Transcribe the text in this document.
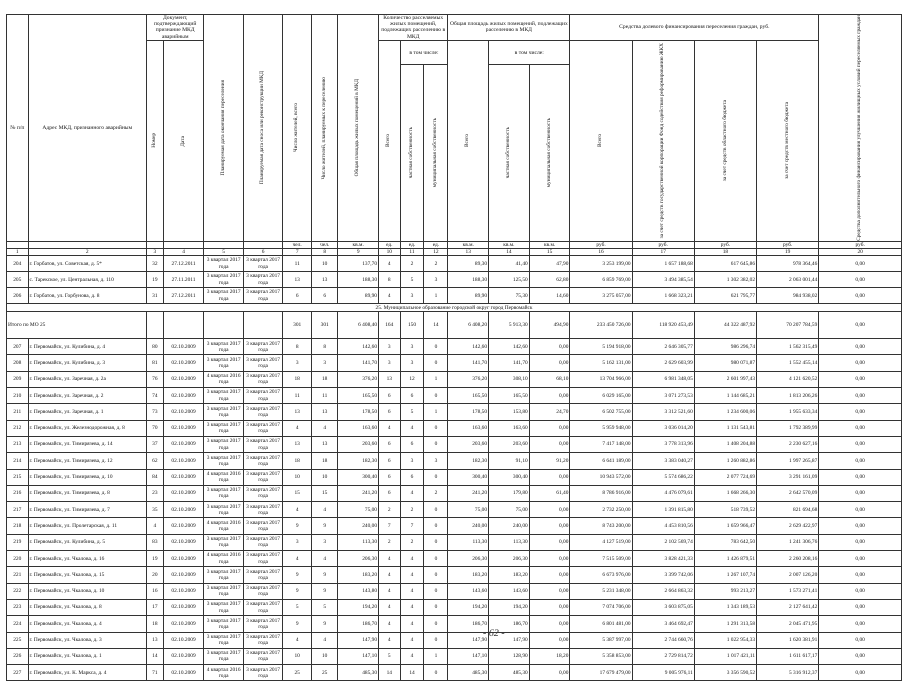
№ п/п	Адрес МКД, признанного аварийным	Документ, подтверждающий признание МКД аварийным		Планируемая дата окончания переселения	Планируемая дата сноса или реконструкции МКД	Число жителей, всего	Число жителей, планируемых к переселению	Общая площадь жилых помещений в МКД	Количество расселяемых жилых помещений, подлежащих расселению в МКД			Общая площадь жилых помещений, подлежащих расселению в МКД			Средства долевого финансирования переселения граждан, руб.				Средства дополнительного финансирования улучшения жилищных условий переселяемых граждан

		Номер	Дата						Всего	в том числе:		Всего	в том числе:		Всего	за счет средств государственной корпорации Фонд содействия реформированию ЖКХ	за счет средств областного бюджета	за счет средств местного бюджета	

										частная собственность	муниципальная собственность		частная собственность	муниципальная собственность					

						чел.	чел.	кв.м.	ед.	ед.	ед.	кв.м.	кв.м.	кв.м.	руб.	руб.	руб.	руб.	руб.
1	2	3	4	5	6	7	8	9	10	11	12	13	14	15	16	17	18	19	20
204	г. Горбатов, ул. Советская, д. 5*	32	27.12.2011	3 квартал 2017 года	3 квартал 2017 года	11	10	137,70	4	2	2	89,30	41,40	47,90	3 253 199,00	1 657 188,68	617 645,86	978 364,46	0,00
205	с. Тарекское, ул. Центральная, д. 110	19	27.11.2011	3 квартал 2017 года	3 квартал 2017 года	13	13	188,30	8	5	3	188,30	125,50	62,80	6 859 769,00	3 494 385,54	1 302 382,02	2 063 001,44	0,00
206	г. Горбатов, ул. Горбунова, д. 8	31	27.12.2011	3 квартал 2017 года	3 квартал 2017 года	6	6	89,90	4	3	1	89,90	75,30	14,60	3 275 057,00	1 668 323,21	621 795,77	984 938,02	0,00
25. Муниципальное образование городской округ город Первомайск																			
Итого по МО 25						301	301	6 408,40	164	150	14	6 408,20	5 913,30	494,90	233 450 726,00	118 920 453,49	44 322 487,92	70 207 784,59	0,00
207	г. Первомайск, ул. Кулибина, д. 4	80	02.10.2009	3 квартал 2017 года	3 квартал 2017 года	8	8	142,60	3	3	0	142,60	142,60	0,00	5 194 918,00	2 646 305,77	986 296,74	1 562 315,49	0,00
208	г. Первомайск, ул. Кулибина, д. 3	81	02.10.2009	3 квартал 2017 года	3 квартал 2017 года	3	3	141,70	3	3	0	141,70	141,70	0,00	5 162 131,00	2 629 603,99	980 071,87	1 552 455,14	0,00
209	г. Первомайск, ул. Заречная, д. 2а	76	02.10.2009	4 квартал 2016 года	3 квартал 2017 года	18	18	376,20	13	12	1	376,20	308,10	68,10	13 704 966,00	6 981 348,05	2 601 997,43	4 121 620,52	0,00
210	г. Первомайск, ул. Заречная, д. 2	74	02.10.2009	3 квартал 2017 года	3 квартал 2017 года	11	11	165,50	6	6	0	165,50	165,50	0,00	6 029 165,00	3 071 273,53	1 144 685,21	1 813 206,26	0,00
211	г. Первомайск, ул. Заречная, д. 1	73	02.10.2009	3 квартал 2017 года	3 квартал 2017 года	13	13	178,50	6	5	1	178,50	153,80	24,70	6 502 755,00	3 312 521,60	1 234 600,06	1 955 633,34	0,00
212	г. Первомайск, ул. Железнодорожная, д. 8	70	02.10.2009	3 квартал 2017 года	3 квартал 2017 года	4	4	163,60	4	4	0	163,60	163,60	0,00	5 959 948,00	3 036 014,20	1 131 543,81	1 792 389,99	0,00
213	г. Первомайск, ул. Тимирязева, д. 14	37	02.10.2009	3 квартал 2017 года	3 квартал 2017 года	13	13	203,60	6	6	0	203,60	203,60	0,00	7 417 148,00	3 778 313,96	1 408 204,88	2 230 627,16	0,00
214	г. Первомайск, ул. Тимирязева, д. 12	62	02.10.2009	3 квартал 2017 года	3 квартал 2017 года	18	18	182,30	6	3	3	182,30	91,10	91,20	6 641 189,00	3 383 040,27	1 260 882,86	1 997 265,87	0,00
215	г. Первомайск, ул. Тимирязева, д. 10	84	02.10.2009	4 квартал 2016 года	3 квартал 2017 года	10	10	300,40	6	6	0	300,40	300,40	0,00	10 943 572,00	5 574 686,22	2 077 724,69	3 291 161,09	0,00
216	г. Первомайск, ул. Тимирязева, д. 8	23	02.10.2009	3 квартал 2017 года	3 квартал 2017 года	15	15	241,20	6	4	2	241,20	179,80	61,40	8 786 916,00	4 476 079,61	1 668 266,30	2 642 570,09	0,00
217	г. Первомайск, ул. Тимирязева, д. 7	35	02.10.2009	3 квартал 2017 года	3 квартал 2017 года	4	4	75,00	2	2	0	75,00	75,00	0,00	2 732 250,00	1 391 815,80	518 739,52	821 694,68	0,00
218	г. Первомайск, ул. Пролетарская, д. 11	4	02.10.2009	4 квартал 2016 года	3 квартал 2017 года	9	9	240,00	7	7	0	240,00	240,00	0,00	8 743 200,00	4 453 810,56	1 659 966,47	2 629 422,97	0,00
219	г. Первомайск, ул. Кулибина, д. 5	83	02.10.2009	3 квартал 2017 года	3 квартал 2017 года	3	3	113,30	2	2	0	113,30	113,30	0,00	4 127 519,00	2 102 569,74	783 642,50	1 241 306,76	0,00
220	г. Первомайск, ул. Чкалова, д. 16	19	02.10.2009	4 квартал 2016 года	3 квартал 2017 года	4	4	206,30	4	4	0	206,30	206,30	0,00	7 515 509,00	3 828 421,33	1 426 879,51	2 260 208,16	0,00
221	г. Первомайск, ул. Чкалова, д. 15	20	02.10.2009	3 квартал 2017 года	3 квартал 2017 года	9	9	183,20	4	4	0	183,20	183,20	0,00	6 673 976,00	3 399 742,06	1 267 107,74	2 007 126,20	0,00
222	г. Первомайск, ул. Чкалова, д. 10	16	02.10.2009	3 квартал 2017 года	3 квартал 2017 года	9	9	143,80	4	4	0	143,60	143,60	0,00	5 231 348,00	2 664 863,32	993 213,27	1 573 271,41	0,00
223	г. Первомайск, ул. Чкалова, д. 8	17	02.10.2009	3 квартал 2017 года	3 квартал 2017 года	5	5	194,20	4	4	0	194,20	194,20	0,00	7 074 706,00	3 603 875,05	1 343 189,53	2 127 641,42	0,00
224	г. Первомайск, ул. Чкалова, д. 4	18	02.10.2009	3 квартал 2017 года	3 квартал 2017 года	9	9	186,70	4	4	0	186,70	186,70	0,00	6 801 481,00	3 464 692,47	1 291 313,58	2 045 471,95	0,00
225	г. Первомайск, ул. Чкалова, д. 3	13	02.10.2009	3 квартал 2017 года	3 квартал 2017 года	4	4	147,90	4	4	0	147,90	147,90	0,00	5 387 997,00	2 744 660,76	1 022 954,33	1 620 381,91	0,00
226	г. Первомайск, ул. Чкалова, д. 1	14	02.10.2009	3 квартал 2017 года	3 квартал 2017 года	10	10	147,10	5	4	1	147,10	128,90	18,20	5 358 853,00	2 729 814,72	1 017 421,11	1 611 617,17	0,00
227	г. Первомайск, ул. К. Маркса, д. 4	71	02.10.2009	4 квартал 2016 года	3 квартал 2017 года	25	25	485,30	14	14	0	485,30	485,30	0,00	17 679 479,00	9 005 976,11	3 356 590,52	5 316 912,37	0,00
- 62 -
